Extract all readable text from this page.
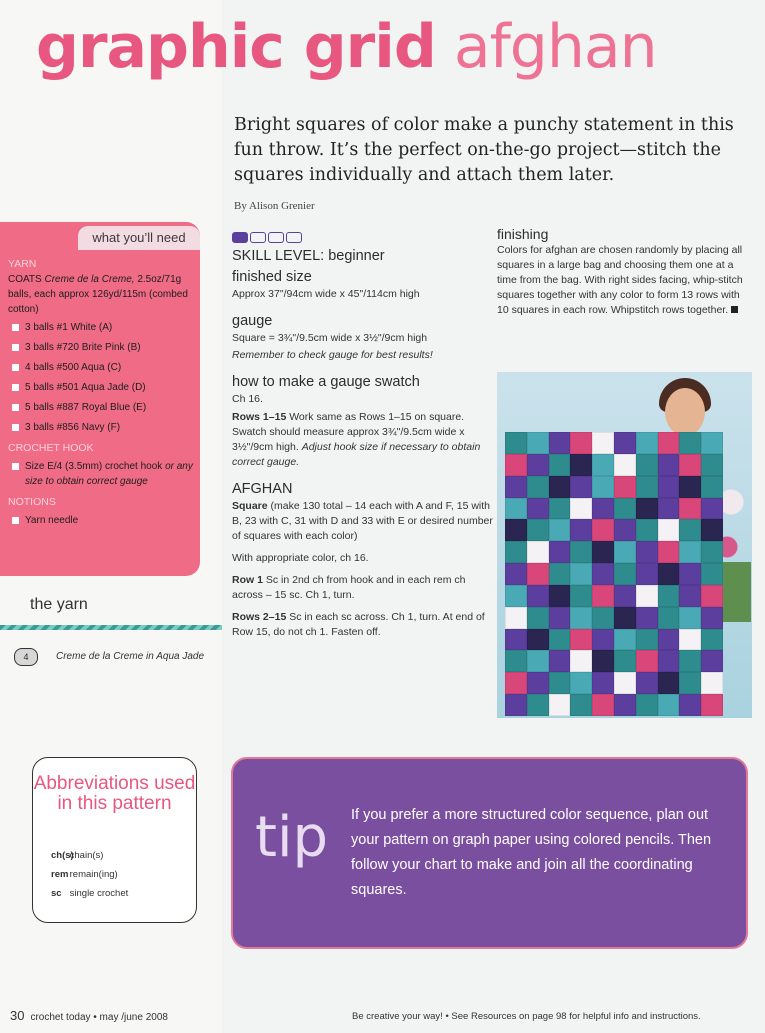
graphic grid afghan
Bright squares of color make a punchy statement in this fun throw. It’s the perfect on-the-go project—stitch the squares individually and attach them later.
By Alison Grenier
what you’ll need
YARN
COATS Creme de la Creme, 2.5oz/71g balls, each approx 126yd/115m (combed cotton)
3 balls #1 White (A)
3 balls #720 Brite Pink (B)
4 balls #500 Aqua (C)
5 balls #501 Aqua Jade (D)
5 balls #887 Royal Blue (E)
3 balls #856 Navy (F)
CROCHET HOOK
Size E/4 (3.5mm) crochet hook or any size to obtain correct gauge
NOTIONS
Yarn needle
the yarn
4	Creme de la Creme in Aqua Jade
SKILL LEVEL: beginner
finished size

Approx 37"/94cm wide x 45"/114cm high

gauge

Square = 3¾"/9.5cm wide x 3½"/9cm high

Remember to check gauge for best results!

how to make a gauge swatch

Ch 16.

Rows 1–15 Work same as Rows 1–15 on square. Swatch should measure approx 3¾"/9.5cm wide x 3½"/9cm high. Adjust hook size if necessary to obtain correct gauge.

AFGHAN

Square (make 130 total – 14 each with A and F, 15 with B, 23 with C, 31 with D and 33 with E or desired number of squares with each color)

With appropriate color, ch 16.

Row 1 Sc in 2nd ch from hook and in each rem ch across – 15 sc. Ch 1, turn.

Rows 2–15 Sc in each sc across. Ch 1, turn. At end of Row 15, do not ch 1. Fasten off.

finishing
Colors for afghan are chosen randomly by placing all squares in a large bag and choosing them one at a time from the bag. With right sides facing, whip-stitch squares together with any color to form 13 rows with 10 squares in each row. Whipstitch rows together.
Abbreviations used in this pattern
ch(s) chain(s)
rem remain(ing)
sc single crochet
tip If you prefer a more structured color sequence, plan out your pattern on graph paper using colored pencils. Then follow your chart to make and join all the coordinating squares.
30 crochet today • may /june 2008	Be creative your way! • See Resources on page 98 for helpful info and instructions.
